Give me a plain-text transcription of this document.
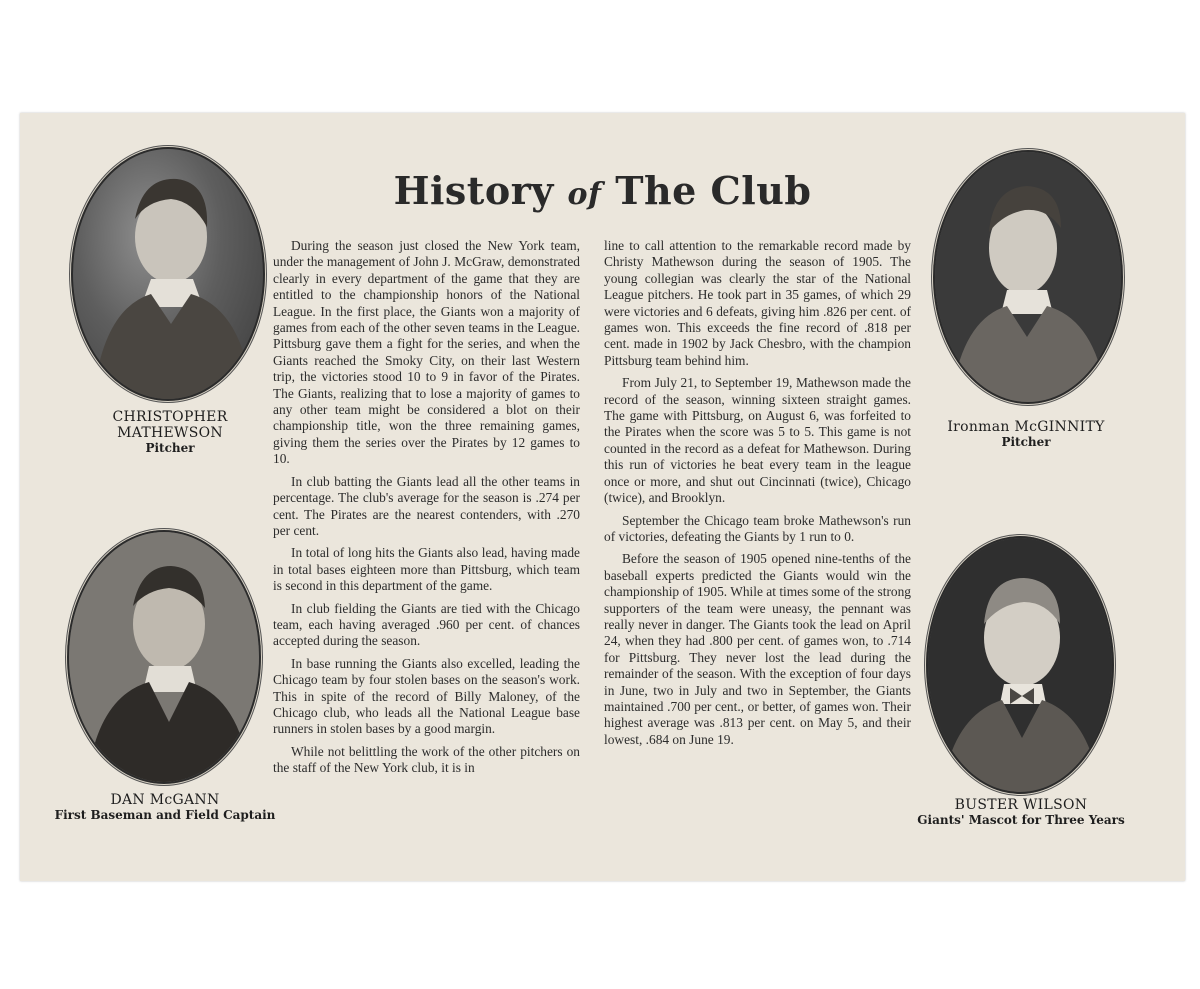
History of The Club
CHRISTOPHER MATHEWSON
Pitcher
DAN McGANN
First Baseman and Field Captain
Ironman McGINNITY
Pitcher
BUSTER WILSON
Giants' Mascot for Three Years

During the season just closed the New York team, under the management of John J. McGraw, demonstrated clearly in every department of the game that they are entitled to the championship honors of the National League. In the first place, the Giants won a majority of games from each of the other seven teams in the League. Pittsburg gave them a fight for the series, and when the Giants reached the Smoky City, on their last Western trip, the victories stood 10 to 9 in favor of the Pirates. The Giants, realizing that to lose a majority of games to any other team might be considered a blot on their championship title, won the three remaining games, giving them the series over the Pirates by 12 games to 10.

In club batting the Giants lead all the other teams in percentage. The club's average for the season is .274 per cent. The Pirates are the nearest contenders, with .270 per cent.

In total of long hits the Giants also lead, having made in total bases eighteen more than Pittsburg, which team is second in this department of the game.

In club fielding the Giants are tied with the Chicago team, each having averaged .960 per cent. of chances accepted during the season.

In base running the Giants also excelled, leading the Chicago team by four stolen bases on the season's work. This in spite of the record of Billy Maloney, of the Chicago club, who leads all the National League base runners in stolen bases by a good margin.

While not belittling the work of the other pitchers on the staff of the New York club, it is in

line to call attention to the remarkable record made by Christy Mathewson during the season of 1905. The young collegian was clearly the star of the National League pitchers. He took part in 35 games, of which 29 were victories and 6 defeats, giving him .826 per cent. of games won. This exceeds the fine record of .818 per cent. made in 1902 by Jack Chesbro, with the champion Pittsburg team behind him.

From July 21, to September 19, Mathewson made the record of the season, winning sixteen straight games. The game with Pittsburg, on August 6, was forfeited to the Pirates when the score was 5 to 5. This game is not counted in the record as a defeat for Mathewson. During this run of victories he beat every team in the league once or more, and shut out Cincinnati (twice), Chicago (twice), and Brooklyn.

September the Chicago team broke Mathewson's run of victories, defeating the Giants by 1 run to 0.

Before the season of 1905 opened nine-tenths of the baseball experts predicted the Giants would win the championship of 1905. While at times some of the strong supporters of the team were uneasy, the pennant was really never in danger. The Giants took the lead on April 24, when they had .800 per cent. of games won, to .714 for Pittsburg. They never lost the lead during the remainder of the season. With the exception of four days in June, two in July and two in September, the Giants maintained .700 per cent., or better, of games won. Their highest average was .813 per cent. on May 5, and their lowest, .684 on June 19.
